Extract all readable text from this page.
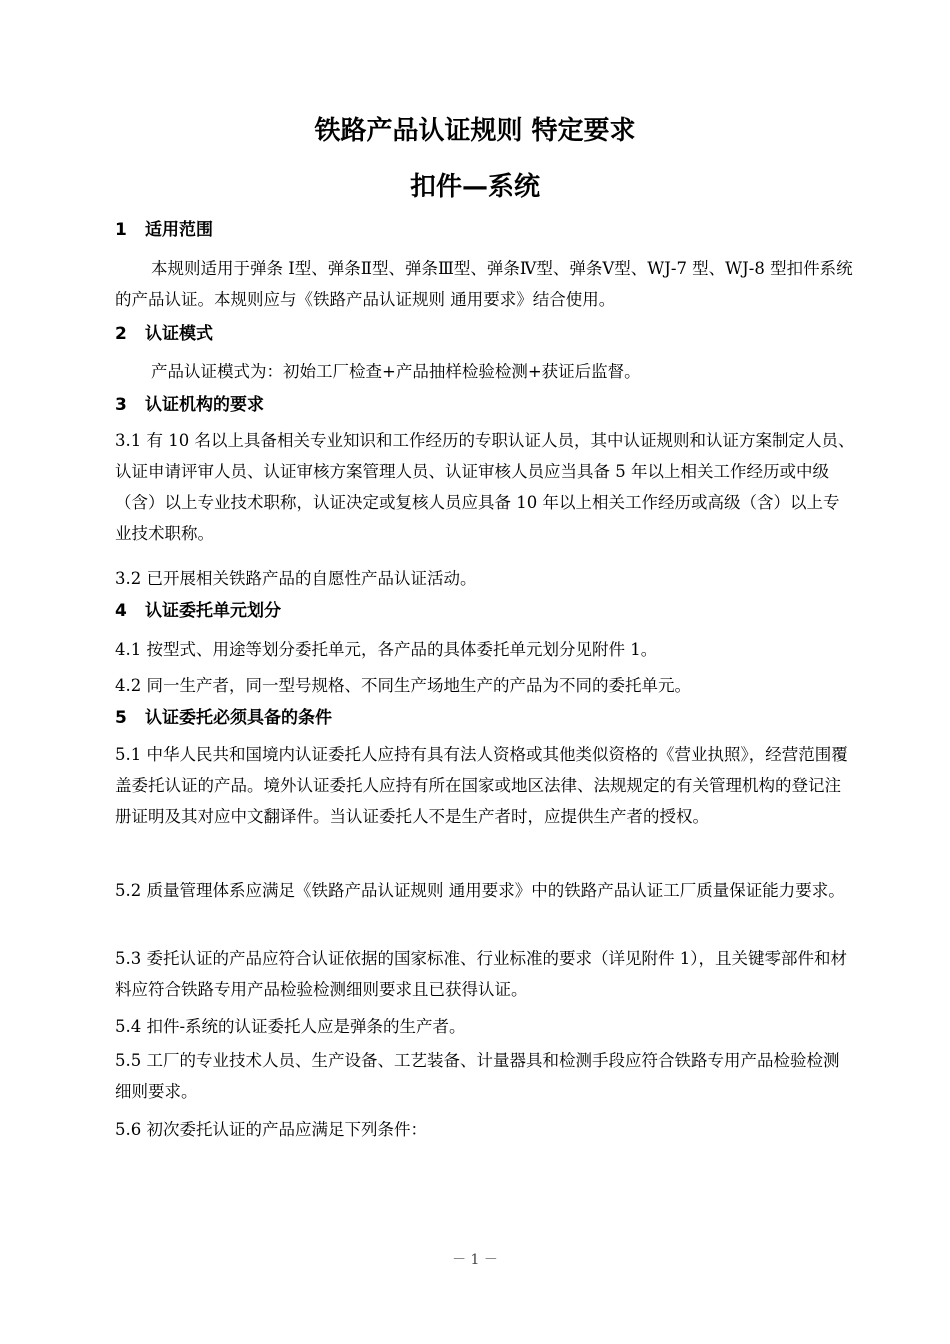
铁路产品认证规则 特定要求
扣件—系统
1 适用范围
本规则适用于弹条 Ⅰ型、弹条Ⅱ型、弹条Ⅲ型、弹条Ⅳ型、弹条Ⅴ型、WJ-7 型、WJ-8 型扣件系统的产品认证。本规则应与《铁路产品认证规则 通用要求》结合使用。
2 认证模式
产品认证模式为：初始工厂检查+产品抽样检验检测+获证后监督。
3 认证机构的要求
3.1 有 10 名以上具备相关专业知识和工作经历的专职认证人员，其中认证规则和认证方案制定人员、认证申请评审人员、认证审核方案管理人员、认证审核人员应当具备 5 年以上相关工作经历或中级（含）以上专业技术职称，认证决定或复核人员应具备 10 年以上相关工作经历或高级（含）以上专业技术职称。
3.2 已开展相关铁路产品的自愿性产品认证活动。
4 认证委托单元划分
4.1 按型式、用途等划分委托单元，各产品的具体委托单元划分见附件 1。
4.2 同一生产者，同一型号规格、不同生产场地生产的产品为不同的委托单元。
5 认证委托必须具备的条件
5.1 中华人民共和国境内认证委托人应持有具有法人资格或其他类似资格的《营业执照》，经营范围覆盖委托认证的产品。境外认证委托人应持有所在国家或地区法律、法规规定的有关管理机构的登记注册证明及其对应中文翻译件。当认证委托人不是生产者时，应提供生产者的授权。
5.2 质量管理体系应满足《铁路产品认证规则 通用要求》中的铁路产品认证工厂质量保证能力要求。
5.3 委托认证的产品应符合认证依据的国家标准、行业标准的要求（详见附件 1），且关键零部件和材料应符合铁路专用产品检验检测细则要求且已获得认证。
5.4 扣件-系统的认证委托人应是弹条的生产者。
5.5 工厂的专业技术人员、生产设备、工艺装备、计量器具和检测手段应符合铁路专用产品检验检测细则要求。
5.6 初次委托认证的产品应满足下列条件：
－ 1 －
